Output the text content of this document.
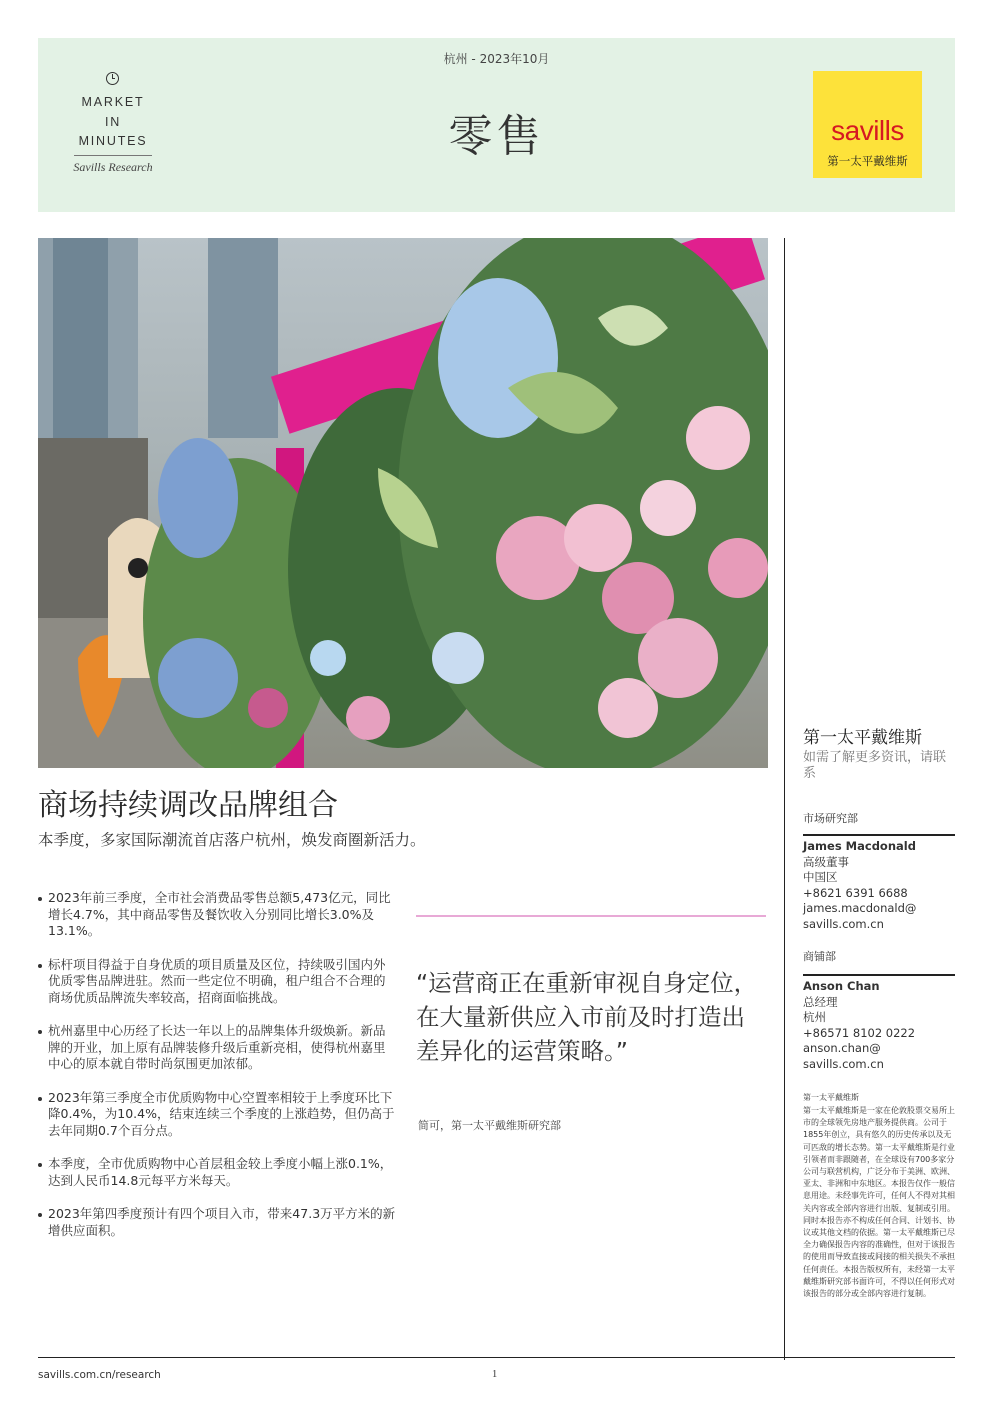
MARKET
IN
MINUTES
Savills Research
杭州 - 2023年10月
零售	savills
第一太平戴维斯
商场持续调改品牌组合

本季度，多家国际潮流首店落户杭州，焕发商圈新活力。

2023年前三季度，全市社会消费品零售总额5,473亿元，同比增长4.7%，其中商品零售及餐饮收入分别同比增长3.0%及13.1%。
标杆项目得益于自身优质的项目质量及区位，持续吸引国内外优质零售品牌进驻。然而一些定位不明确，租户组合不合理的商场优质品牌流失率较高，招商面临挑战。
杭州嘉里中心历经了长达一年以上的品牌集体升级焕新。新品牌的开业，加上原有品牌装修升级后重新亮相，使得杭州嘉里中心的原本就自带时尚氛围更加浓郁。
2023年第三季度全市优质购物中心空置率相较于上季度环比下降0.4%，为10.4%，结束连续三个季度的上涨趋势，但仍高于去年同期0.7个百分点。
本季度，全市优质购物中心首层租金较上季度小幅上涨0.1%，达到人民币14.8元每平方米每天。
2023年第四季度预计有四个项目入市，带来47.3万平方米的新增供应面积。

“运营商正在重新审视自身定位，在大量新供应入市前及时打造出差异化的运营策略。”

简可，第一太平戴维斯研究部

第一太平戴维斯
如需了解更多资讯，请联系
市场研究部
James Macdonald
高级董事
中国区
+8621 6391 6688
james.macdonald@
savills.com.cn
商铺部
Anson Chan
总经理
杭州
+86571 8102 0222
anson.chan@
savills.com.cn
第一太平戴维斯
第一太平戴维斯是一家在伦敦股票交易所上市的全球领先房地产服务提供商。公司于1855年创立，具有悠久的历史传承以及无可匹敌的增长态势。第一太平戴维斯是行业引领者而非跟随者，在全球设有700多家分公司与联营机构，广泛分布于美洲、欧洲、亚太、非洲和中东地区。本报告仅作一般信息用途。未经事先许可，任何人不得对其相关内容或全部内容进行出版、复制或引用。同时本报告亦不构成任何合同、计划书、协议或其他文档的依据。第一太平戴维斯已尽全力确保报告内容的准确性，但对于该报告的使用而导致直接或间接的相关损失不承担任何责任。本报告版权所有，未经第一太平戴维斯研究部书面许可，不得以任何形式对该报告的部分或全部内容进行复制。
savills.com.cn/research	1
